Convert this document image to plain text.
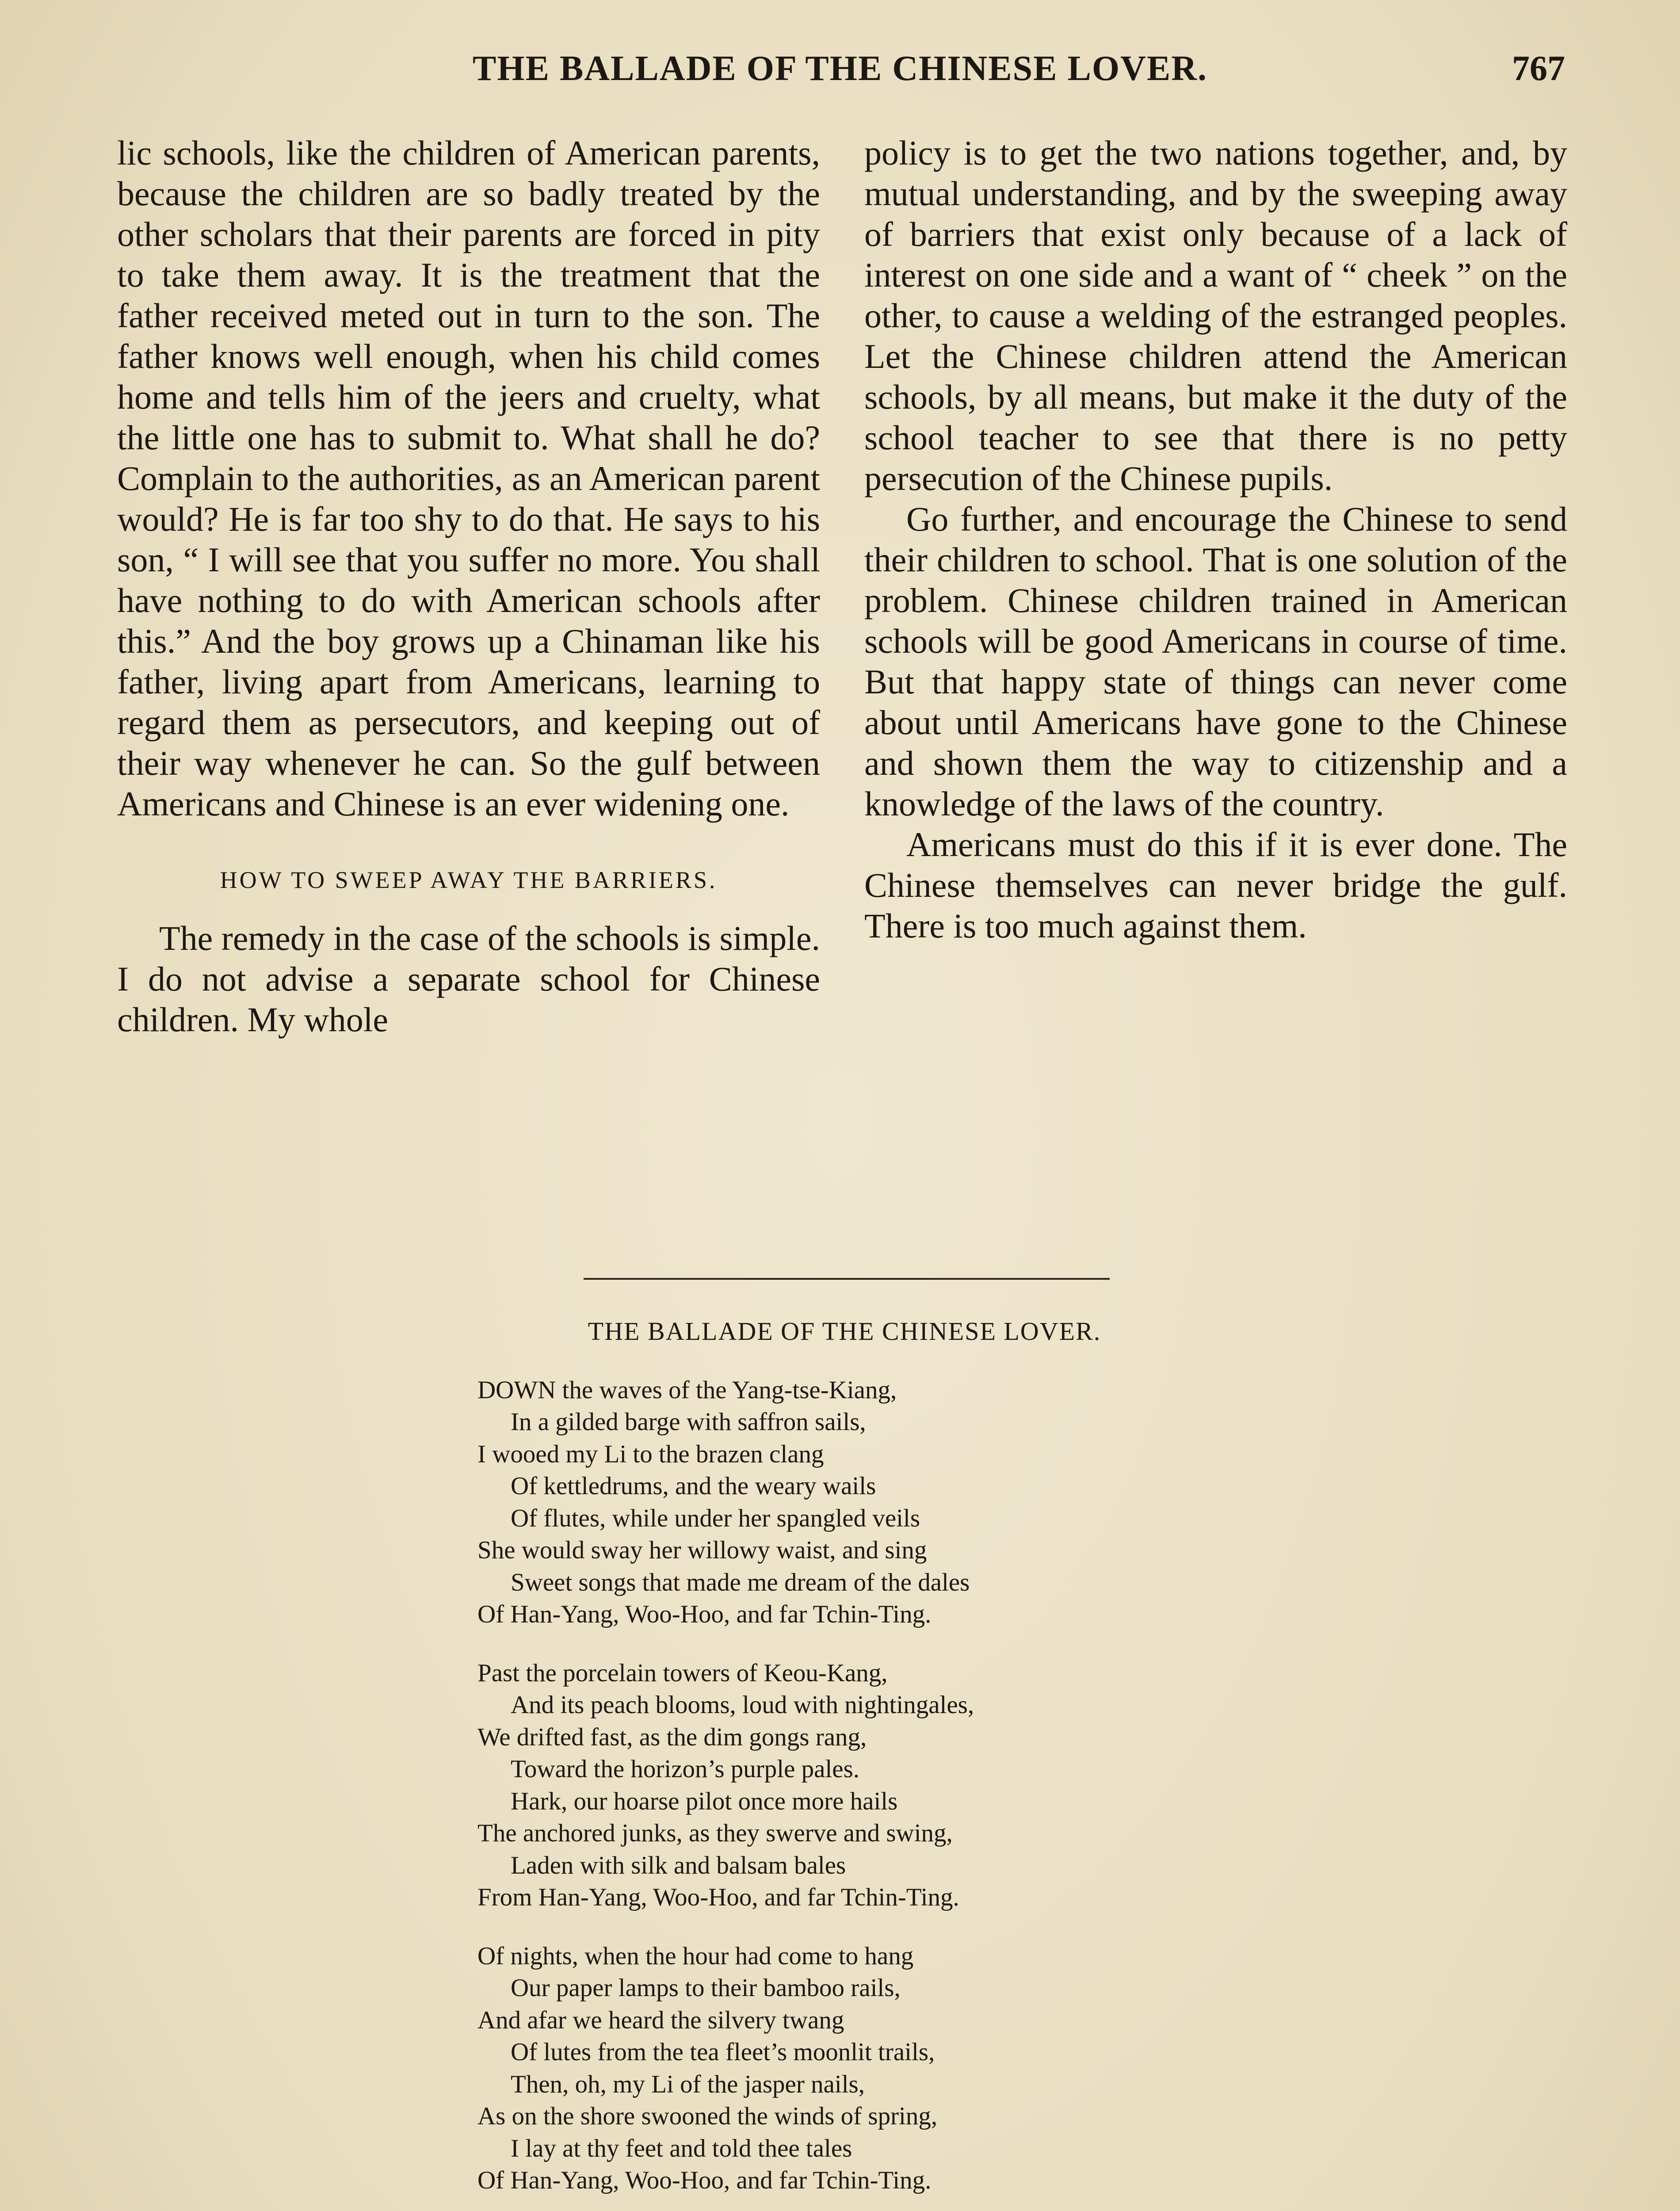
THE BALLADE OF THE CHINESE LOVER.	767

lic schools, like the children of American parents, because the children are so badly treated by the other scholars that their parents are forced in pity to take them away. It is the treatment that the father received meted out in turn to the son. The father knows well enough, when his child comes home and tells him of the jeers and cruelty, what the little one has to submit to. What shall he do? Complain to the authorities, as an American parent would? He is far too shy to do that. He says to his son, “ I will see that you suffer no more. You shall have nothing to do with American schools after this.” And the boy grows up a Chinaman like his father, living apart from Americans, learning to regard them as persecutors, and keeping out of their way whenever he can. So the gulf between Americans and Chinese is an ever widening one.

HOW TO SWEEP AWAY THE BARRIERS.

The remedy in the case of the schools is simple. I do not advise a separate school for Chinese children. My whole

policy is to get the two nations together, and, by mutual understanding, and by the sweeping away of barriers that exist only because of a lack of interest on one side and a want of “ cheek ” on the other, to cause a welding of the estranged peoples. Let the Chinese children attend the American schools, by all means, but make it the duty of the school teacher to see that there is no petty persecution of the Chinese pupils.

Go further, and encourage the Chinese to send their children to school. That is one solution of the problem. Chinese children trained in American schools will be good Americans in course of time. But that happy state of things can never come about until Americans have gone to the Chinese and shown them the way to citizenship and a knowledge of the laws of the country.

Americans must do this if it is ever done. The Chinese themselves can never bridge the gulf. There is too much against them.

THE BALLADE OF THE CHINESE LOVER.
DOWN the waves of the Yang-tse-Kiang,
In a gilded barge with saffron sails,
I wooed my Li to the brazen clang
Of kettledrums, and the weary wails
Of flutes, while under her spangled veils
She would sway her willowy waist, and sing
Sweet songs that made me dream of the dales
Of Han-Yang, Woo-Hoo, and far Tchin-Ting.
Past the porcelain towers of Keou-Kang,
And its peach blooms, loud with nightingales,
We drifted fast, as the dim gongs rang,
Toward the horizon’s purple pales.
Hark, our hoarse pilot once more hails
The anchored junks, as they swerve and swing,
Laden with silk and balsam bales
From Han-Yang, Woo-Hoo, and far Tchin-Ting.
Of nights, when the hour had come to hang
Our paper lamps to their bamboo rails,
And afar we heard the silvery twang
Of lutes from the tea fleet’s moonlit trails,
Then, oh, my Li of the jasper nails,
As on the shore swooned the winds of spring,
I lay at thy feet and told thee tales
Of Han-Yang, Woo-Hoo, and far Tchin-Ting.
